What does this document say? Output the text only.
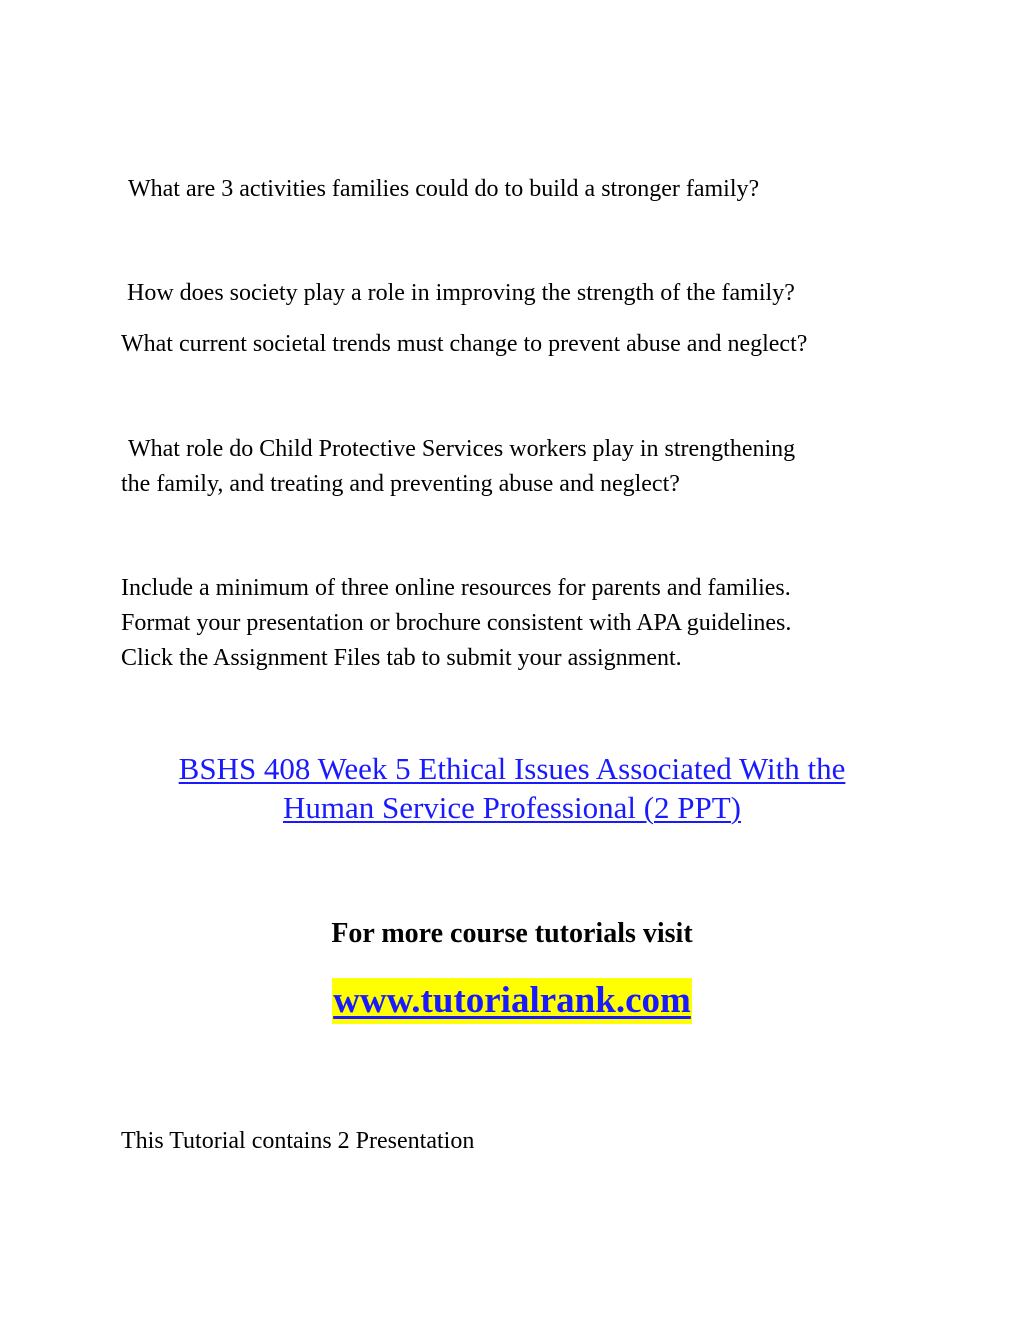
What are 3 activities families could do to build a stronger family?

How does society play a role in improving the strength of the family?

What current societal trends must change to prevent abuse and neglect?

What role do Child Protective Services workers play in strengthening
the family, and treating and preventing abuse and neglect?
Include a minimum of three online resources for parents and families.
Format your presentation or brochure consistent with APA guidelines.
Click the Assignment Files tab to submit your assignment.
BSHS 408 Week 5 Ethical Issues Associated With the
Human Service Professional (2 PPT)

For more course tutorials visit

www.tutorialrank.com

This Tutorial contains 2 Presentation
